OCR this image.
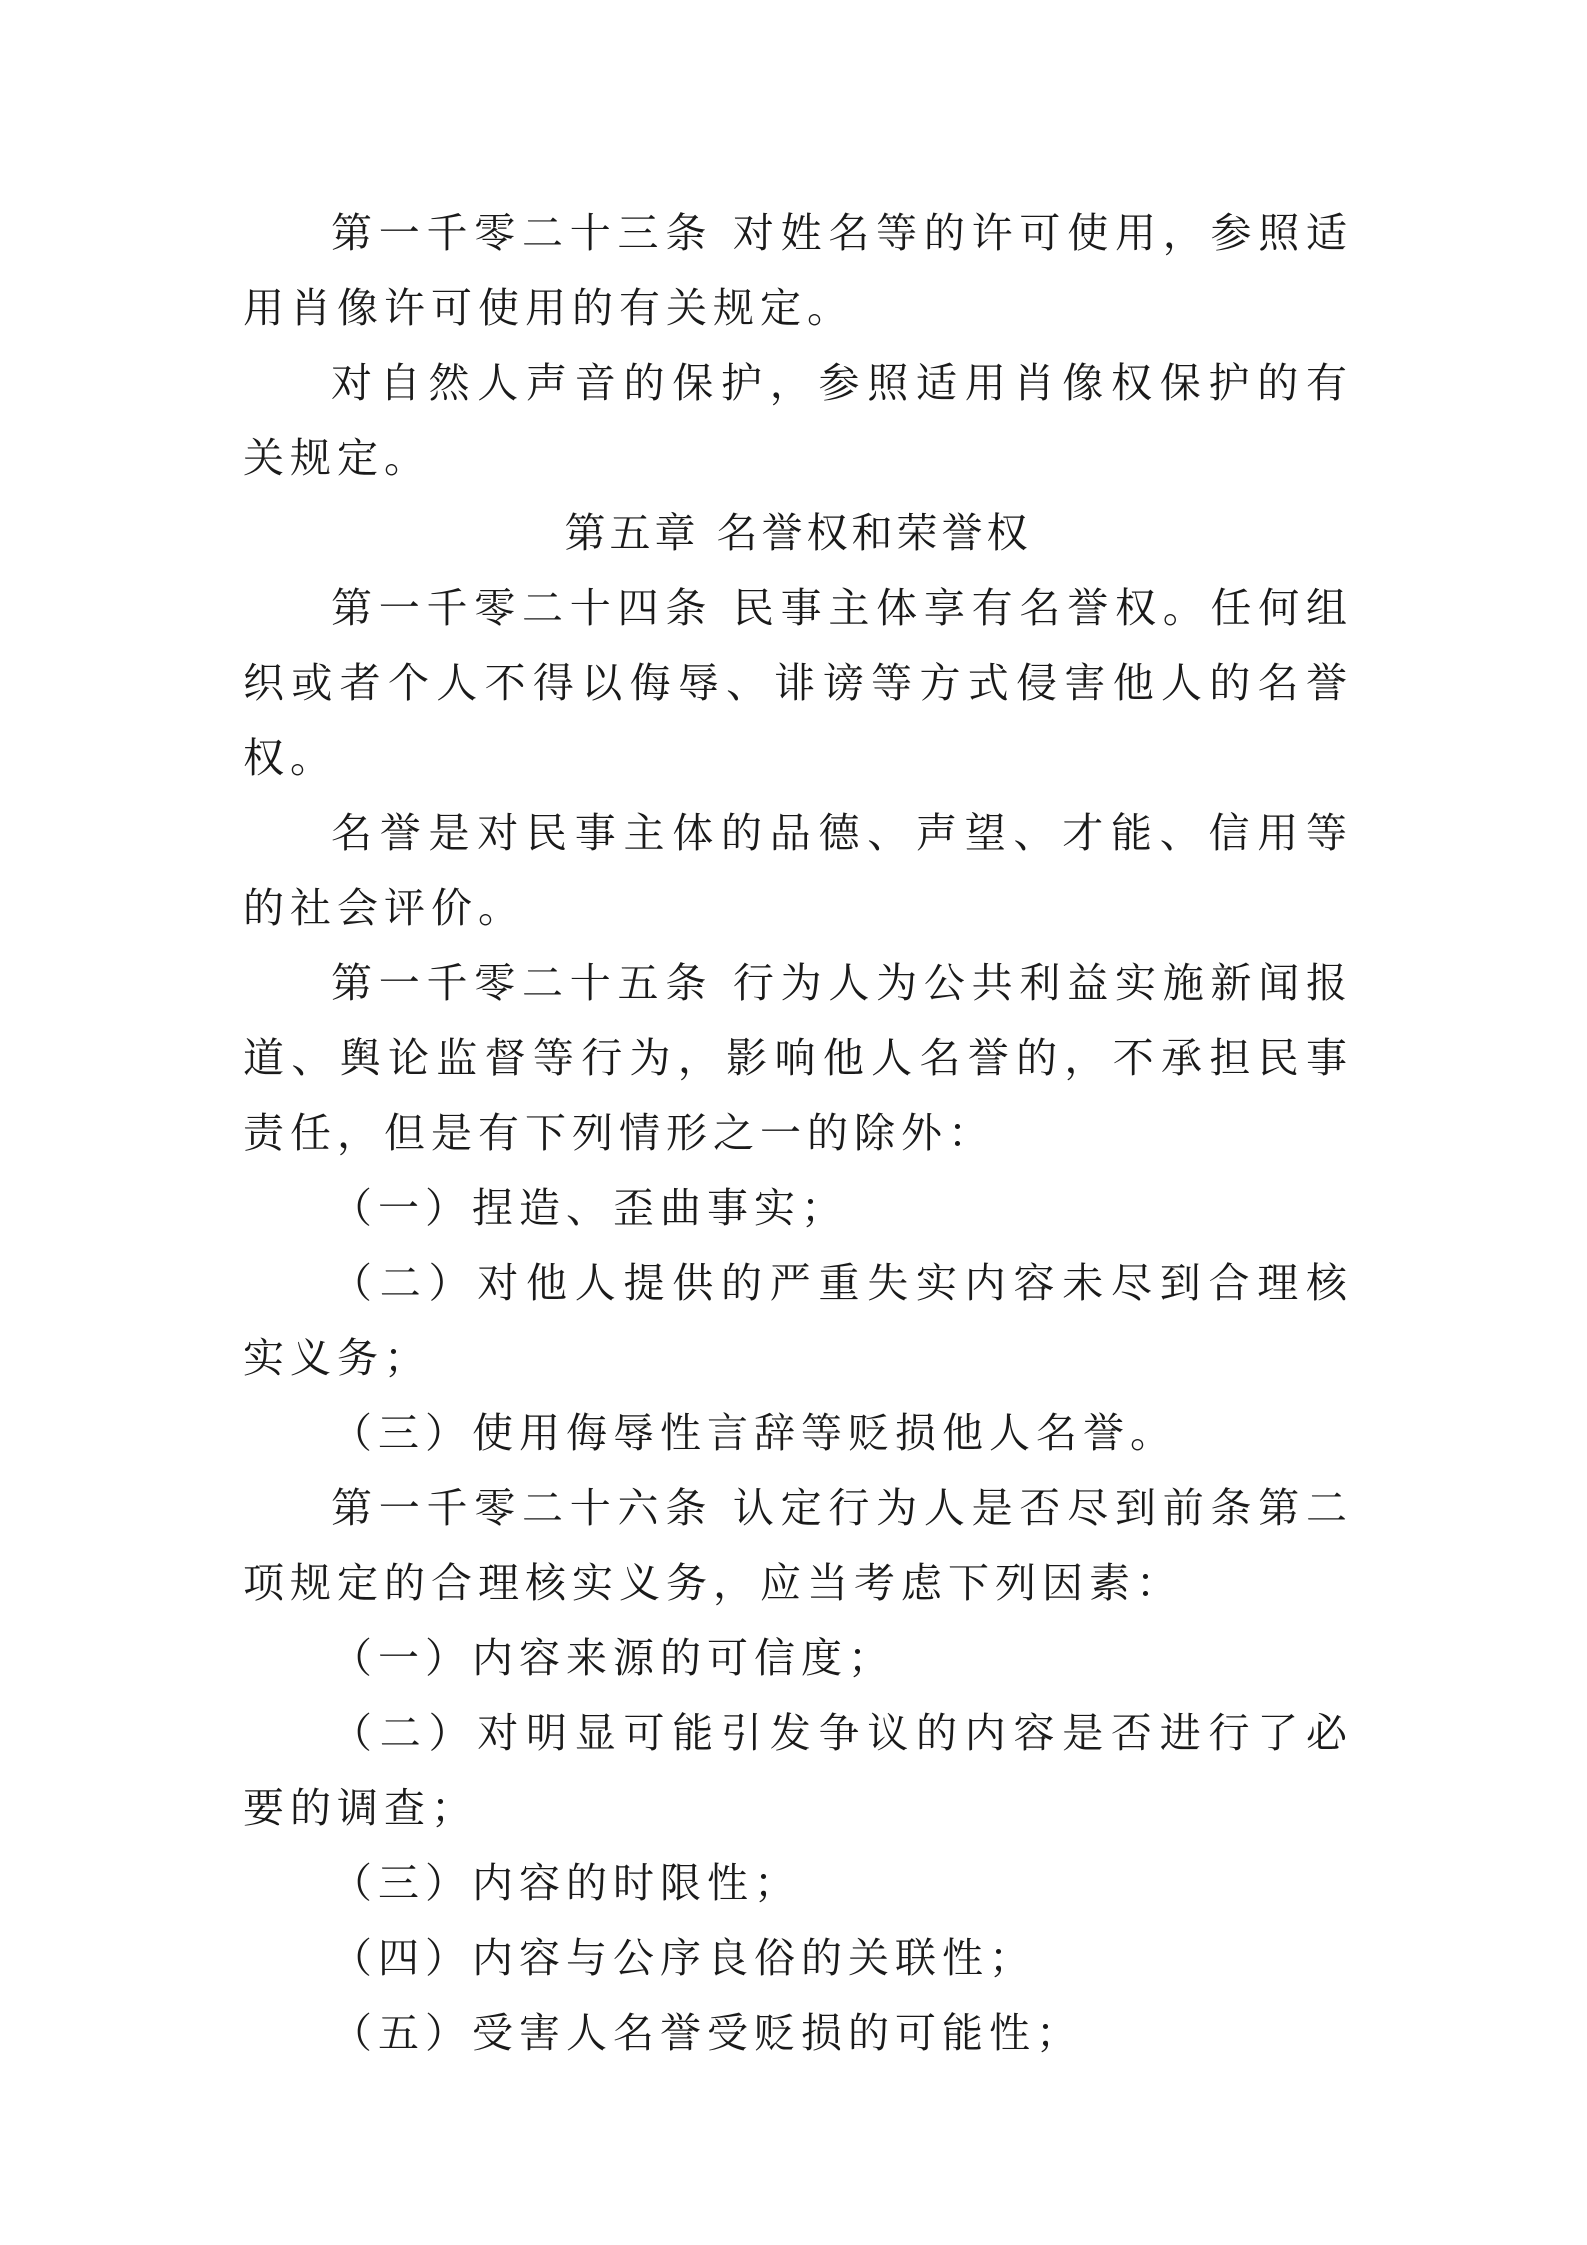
第一千零二十三条 对姓名等的许可使用，参照适用肖像许可使用的有关规定。

对自然人声音的保护，参照适用肖像权保护的有关规定。

第五章 名誉权和荣誉权

第一千零二十四条 民事主体享有名誉权。任何组织或者个人不得以侮辱、诽谤等方式侵害他人的名誉权。

名誉是对民事主体的品德、声望、才能、信用等的社会评价。

第一千零二十五条 行为人为公共利益实施新闻报道、舆论监督等行为，影响他人名誉的，不承担民事责任，但是有下列情形之一的除外：

（一）捏造、歪曲事实；

（二）对他人提供的严重失实内容未尽到合理核实义务；

（三）使用侮辱性言辞等贬损他人名誉。

第一千零二十六条 认定行为人是否尽到前条第二项规定的合理核实义务，应当考虑下列因素：

（一）内容来源的可信度；

（二）对明显可能引发争议的内容是否进行了必要的调查；

（三）内容的时限性；

（四）内容与公序良俗的关联性；

（五）受害人名誉受贬损的可能性；
